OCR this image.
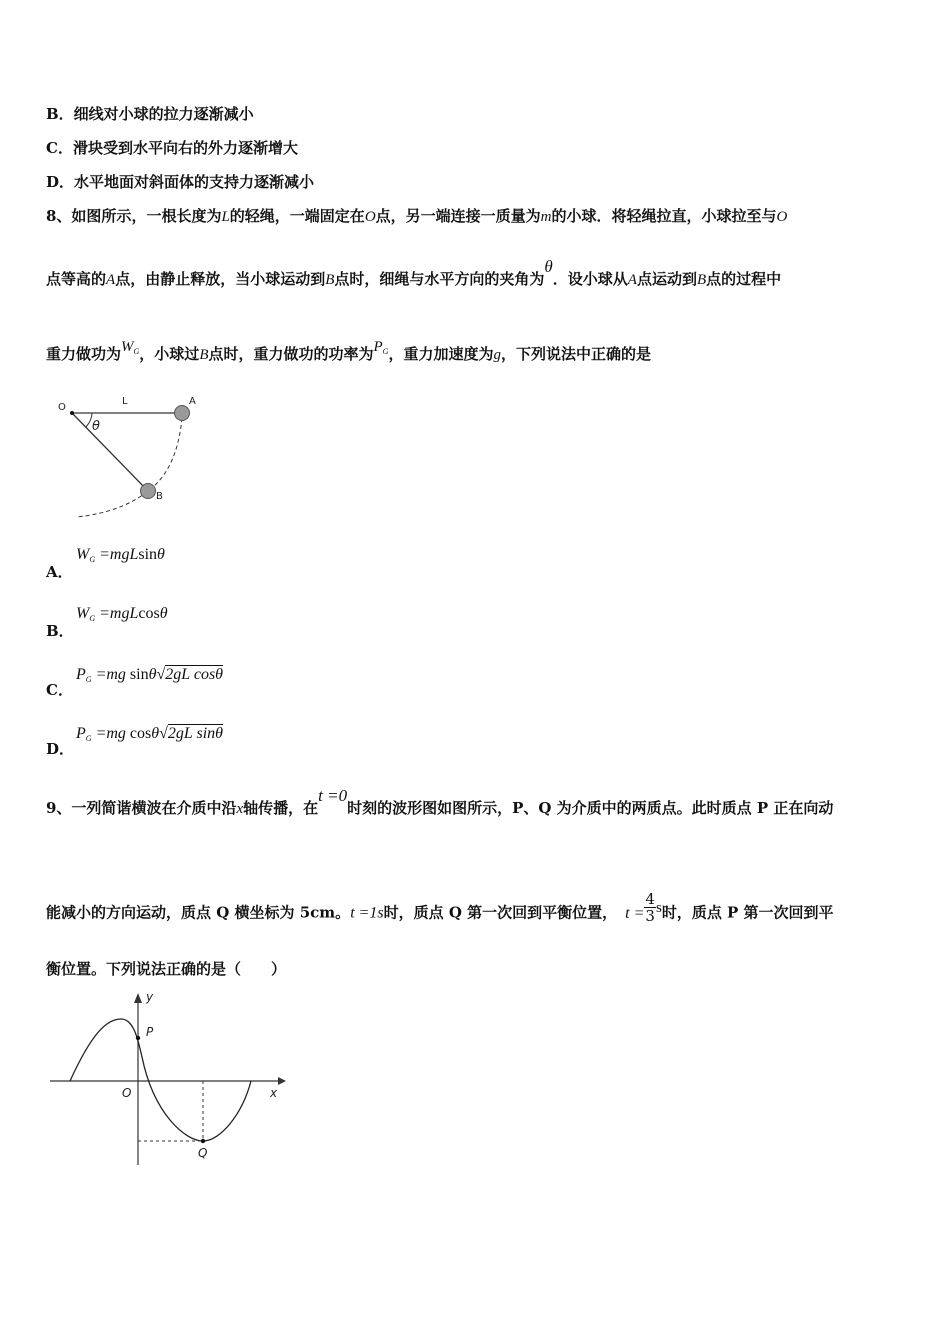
B．细线对小球的拉力逐渐减小
C．滑块受到水平向右的外力逐渐增大
D．水平地面对斜面体的支持力逐渐减小
8、如图所示，一根长度为L的轻绳，一端固定在O点，另一端连接一质量为m的小球．将轻绳拉直，小球拉至与O
点等高的A点，由静止释放，当小球运动到B点时，细绳与水平方向的夹角为θ．设小球从A点运动到B点的过程中
重力做功为$W_G$，小球过B点时，重力做功的功率为$P_G$，重力加速度为g，下列说法中正确的是
O
L	A
B
θ
A．
$W_G =mgLsin\theta$
B．
$W_G =mgLcos\theta$
C．
$P_G =mg$ sinθ√2gL cosθ
D．
$P_G =mg$ cosθ√2gL sinθ
9、一列简谐横波在介质中沿x轴传播，在t =0时刻的波形图如图所示，P、Q 为介质中的两质点。此时质点 P 正在向动
能减小的方向运动，质点 Q 横坐标为 5cm。t =1s时，质点 Q 第一次回到平衡位置， $t = \frac{4}{3}$ s时，质点 P 第一次回到平
衡位置。下列说法正确的是（　　）
y
x
O
P
Q
